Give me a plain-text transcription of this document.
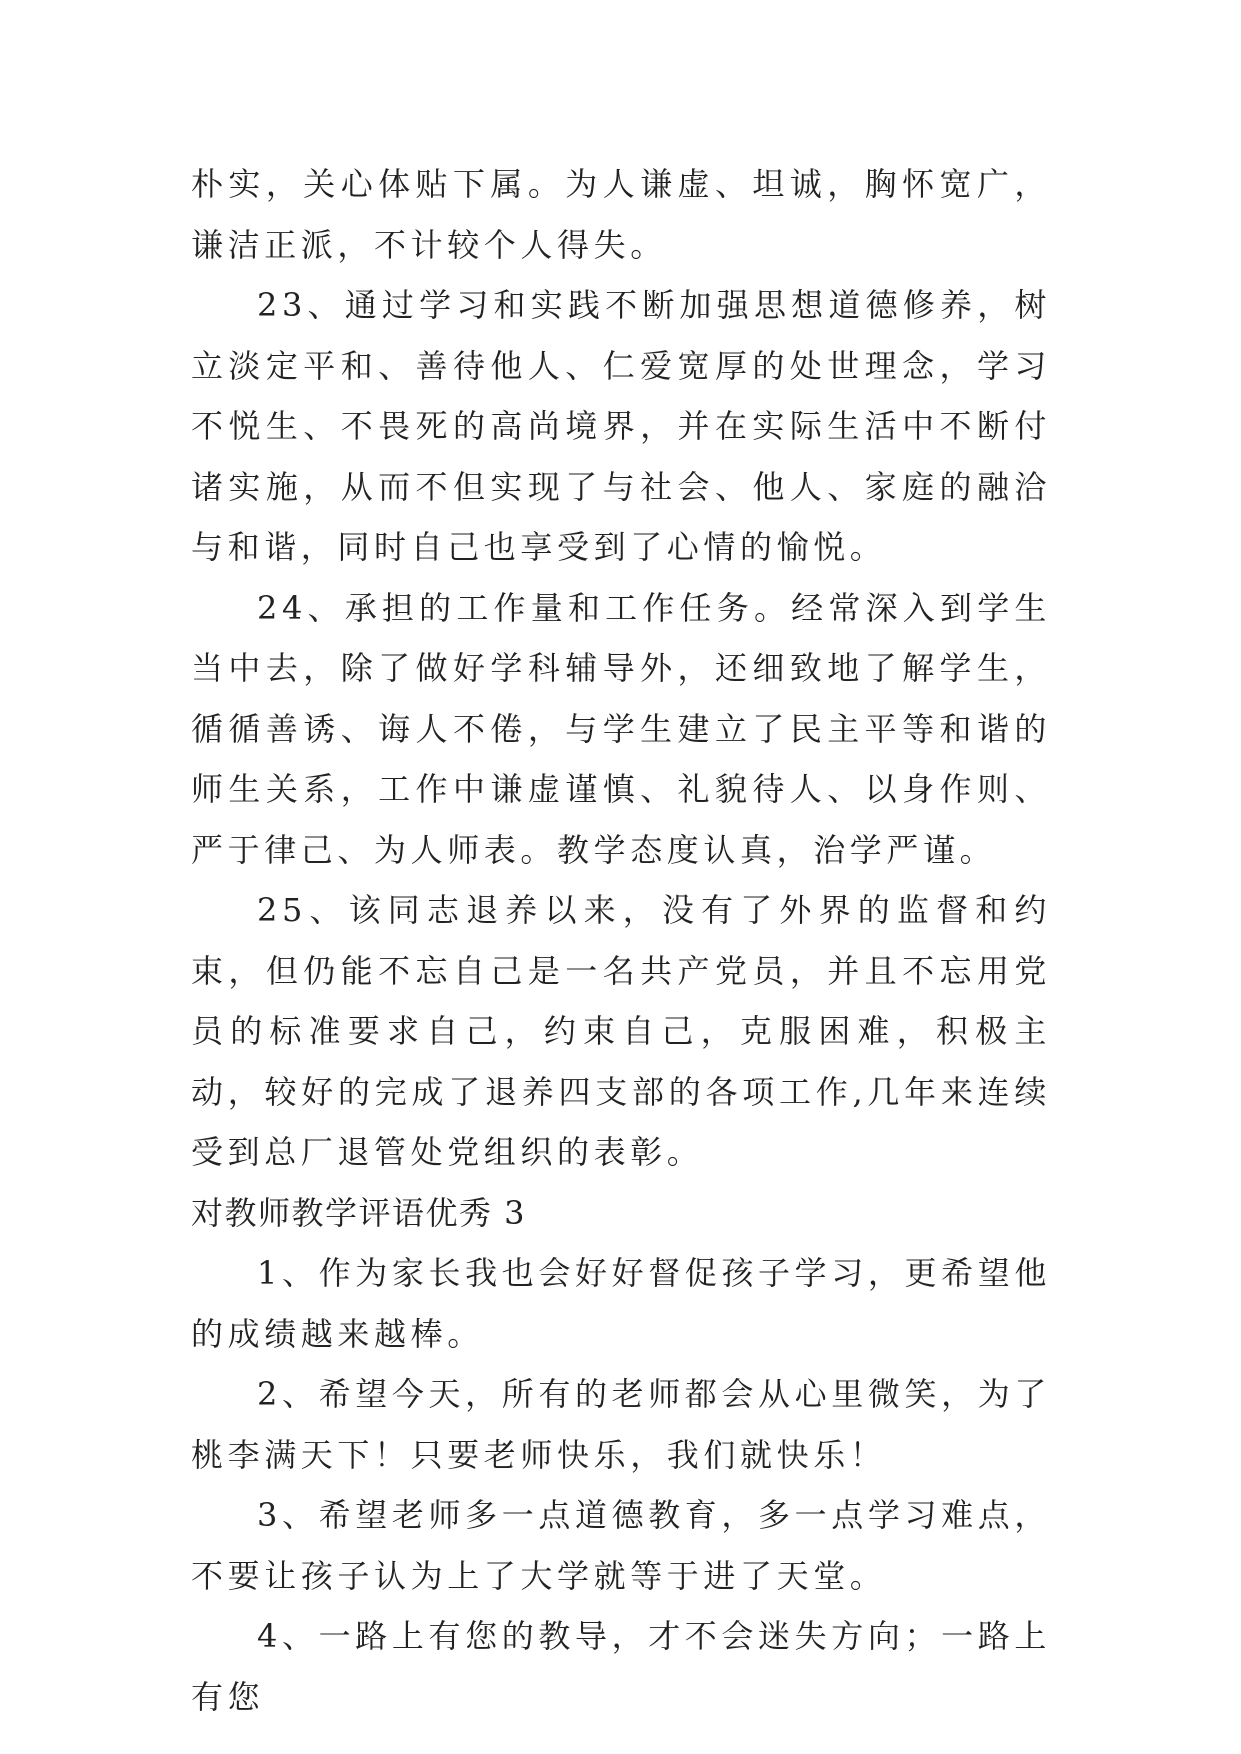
朴实，关心体贴下属。为人谦虚、坦诚，胸怀宽广，谦洁正派，不计较个人得失。

23、通过学习和实践不断加强思想道德修养，树立淡定平和、善待他人、仁爱宽厚的处世理念，学习不悦生、不畏死的高尚境界，并在实际生活中不断付诸实施，从而不但实现了与社会、他人、家庭的融洽与和谐，同时自己也享受到了心情的愉悦。

24、承担的工作量和工作任务。经常深入到学生当中去，除了做好学科辅导外，还细致地了解学生，循循善诱、诲人不倦，与学生建立了民主平等和谐的师生关系，工作中谦虚谨慎、礼貌待人、以身作则、严于律己、为人师表。教学态度认真，治学严谨。

25、该同志退养以来，没有了外界的监督和约束，但仍能不忘自己是一名共产党员，并且不忘用党员的标准要求自己，约束自己，克服困难，积极主动，较好的完成了退养四支部的各项工作,几年来连续受到总厂退管处党组织的表彰。

对教师教学评语优秀 3

1、作为家长我也会好好督促孩子学习，更希望他的成绩越来越棒。

2、希望今天，所有的老师都会从心里微笑，为了桃李满天下！只要老师快乐，我们就快乐！

3、希望老师多一点道德教育，多一点学习难点，不要让孩子认为上了大学就等于进了天堂。

4、一路上有您的教导，才不会迷失方向；一路上有您
